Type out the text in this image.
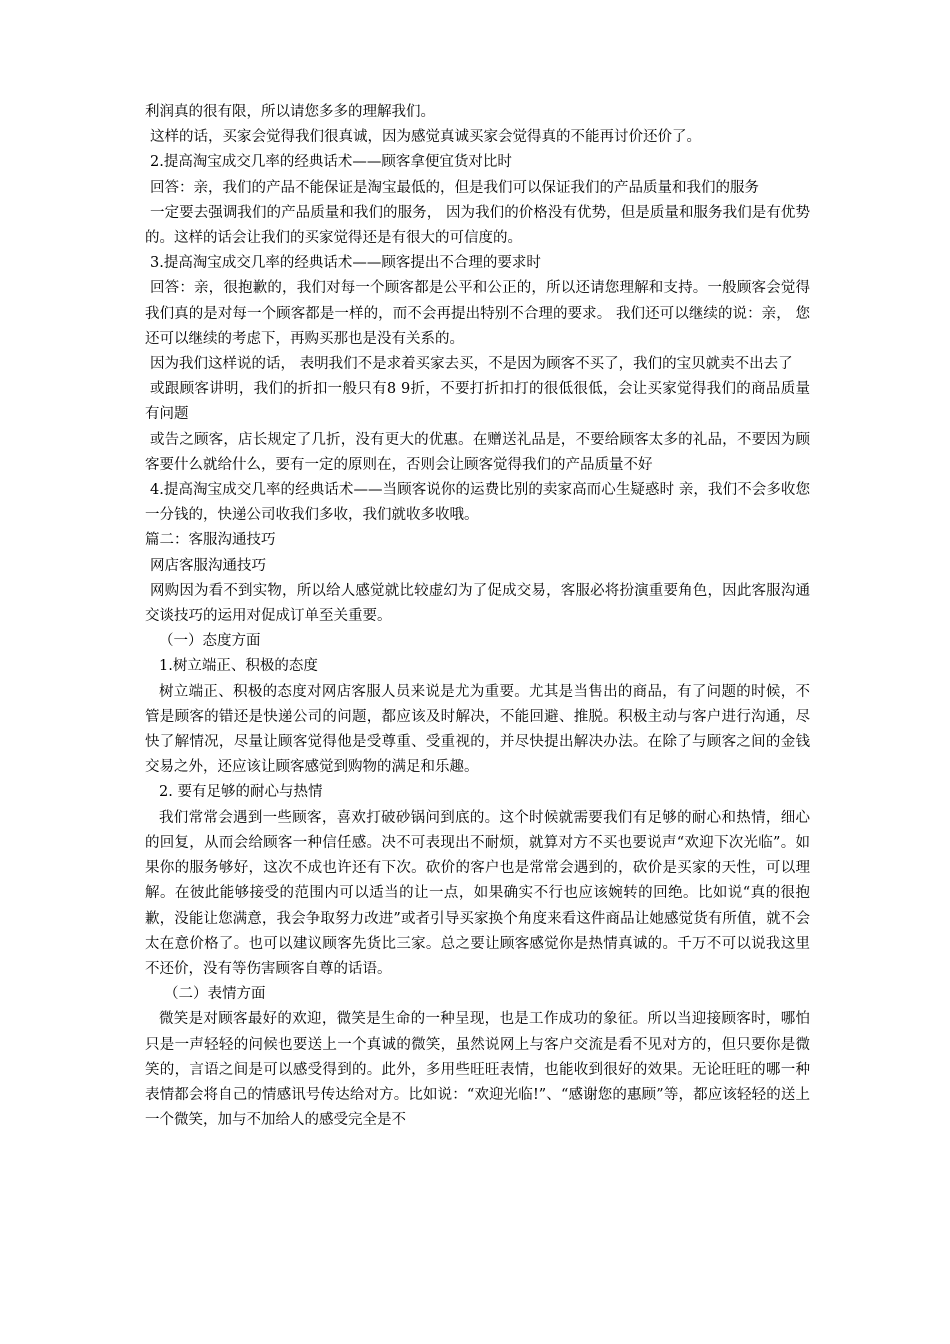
利润真的很有限，所以请您多多的理解我们。

这样的话，买家会觉得我们很真诚，因为感觉真诚买家会觉得真的不能再讨价还价了。

2.提高淘宝成交几率的经典话术——顾客拿便宜货对比时

回答：亲，我们的产品不能保证是淘宝最低的，但是我们可以保证我们的产品质量和我们的服务

一定要去强调我们的产品质量和我们的服务， 因为我们的价格没有优势，但是质量和服务我们是有优势的。这样的话会让我们的买家觉得还是有很大的可信度的。

3.提高淘宝成交几率的经典话术——顾客提出不合理的要求时

回答：亲，很抱歉的，我们对每一个顾客都是公平和公正的，所以还请您理解和支持。一般顾客会觉得我们真的是对每一个顾客都是一样的，而不会再提出特别不合理的要求。 我们还可以继续的说：亲， 您还可以继续的考虑下，再购买那也是没有关系的。

因为我们这样说的话， 表明我们不是求着买家去买，不是因为顾客不买了，我们的宝贝就卖不出去了

或跟顾客讲明，我们的折扣一般只有8 9折，不要打折扣打的很低很低，会让买家觉得我们的商品质量有问题

或告之顾客，店长规定了几折，没有更大的优惠。在赠送礼品是，不要给顾客太多的礼品，不要因为顾客要什么就给什么，要有一定的原则在，否则会让顾客觉得我们的产品质量不好

4.提高淘宝成交几率的经典话术——当顾客说你的运费比别的卖家高而心生疑惑时 亲，我们不会多收您一分钱的，快递公司收我们多收，我们就收多收哦。

篇二：客服沟通技巧

网店客服沟通技巧

网购因为看不到实物，所以给人感觉就比较虚幻为了促成交易，客服必将扮演重要角色，因此客服沟通交谈技巧的运用对促成订单至关重要。

（一）态度方面

1.树立端正、积极的态度

树立端正、积极的态度对网店客服人员来说是尤为重要。尤其是当售出的商品，有了问题的时候，不管是顾客的错还是快递公司的问题，都应该及时解决，不能回避、推脱。积极主动与客户进行沟通，尽快了解情况，尽量让顾客觉得他是受尊重、受重视的，并尽快提出解决办法。在除了与顾客之间的金钱交易之外，还应该让顾客感觉到购物的满足和乐趣。

2. 要有足够的耐心与热情

我们常常会遇到一些顾客，喜欢打破砂锅问到底的。这个时候就需要我们有足够的耐心和热情，细心的回复，从而会给顾客一种信任感。决不可表现出不耐烦，就算对方不买也要说声“欢迎下次光临”。如果你的服务够好，这次不成也许还有下次。砍价的客户也是常常会遇到的，砍价是买家的天性，可以理解。在彼此能够接受的范围内可以适当的让一点，如果确实不行也应该婉转的回绝。比如说“真的很抱歉，没能让您满意，我会争取努力改进”或者引导买家换个角度来看这件商品让她感觉货有所值，就不会太在意价格了。也可以建议顾客先货比三家。总之要让顾客感觉你是热情真诚的。千万不可以说我这里不还价，没有等伤害顾客自尊的话语。

（二）表情方面

微笑是对顾客最好的欢迎，微笑是生命的一种呈现，也是工作成功的象征。所以当迎接顾客时，哪怕只是一声轻轻的问候也要送上一个真诚的微笑，虽然说网上与客户交流是看不见对方的，但只要你是微笑的，言语之间是可以感受得到的。此外，多用些旺旺表情，也能收到很好的效果。无论旺旺的哪一种表情都会将自己的情感讯号传达给对方。比如说：“欢迎光临!”、“感谢您的惠顾”等，都应该轻轻的送上一个微笑，加与不加给人的感受完全是不
